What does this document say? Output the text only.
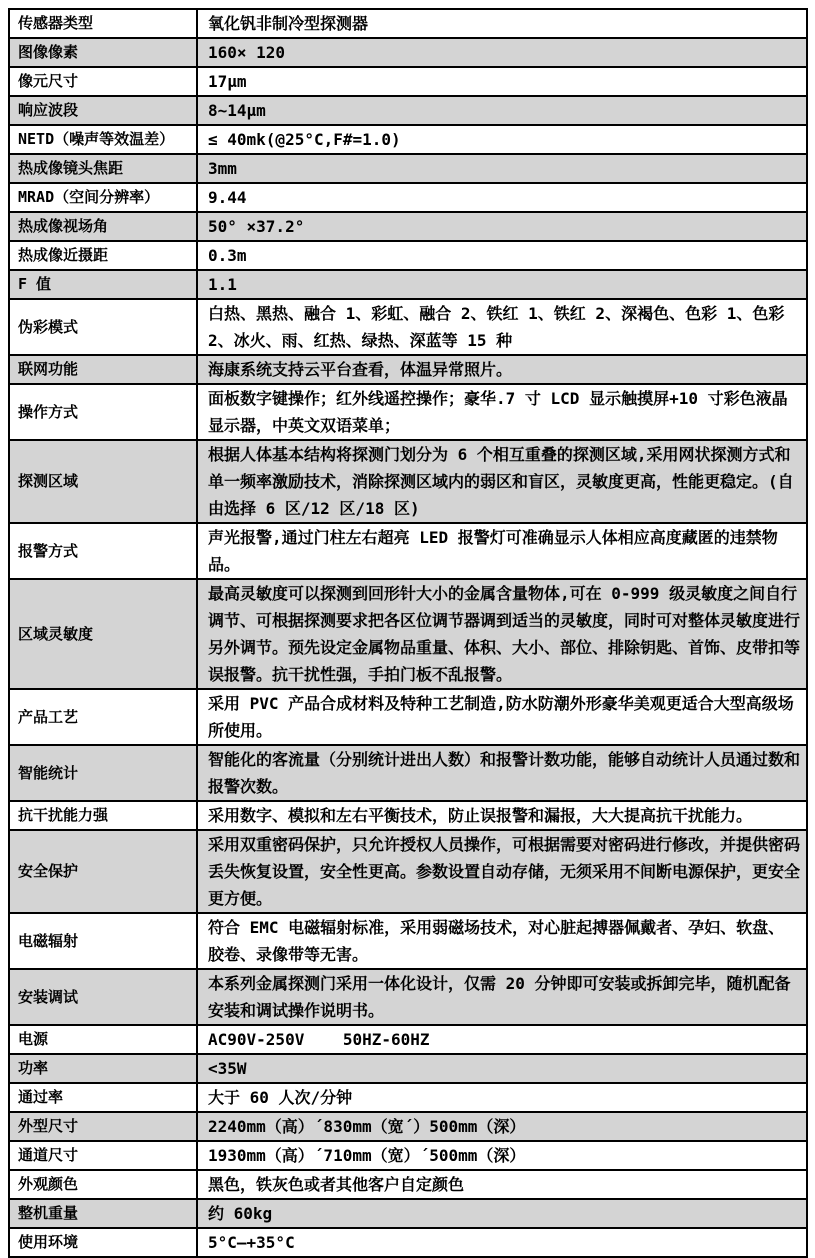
传感器类型	氧化钒非制冷型探测器
图像像素	160× 120
像元尺寸	17μm
响应波段	8~14μm
NETD（噪声等效温差）	≤ 40mk(@25°C,F#=1.0)
热成像镜头焦距	3mm
MRAD（空间分辨率）	9.44
热成像视场角	50° ×37.2°
热成像近摄距	0.3m
F 值	1.1
伪彩模式	白热、黑热、融合 1、彩虹、融合 2、铁红 1、铁红 2、深褐色、色彩 1、色彩 2、冰火、雨、红热、绿热、深蓝等 15 种
联网功能	海康系统支持云平台查看，体温异常照片。
操作方式	面板数字键操作；红外线遥控操作；豪华.7 寸 LCD 显示触摸屏+10 寸彩色液晶显示器，中英文双语菜单；
探测区域	根据人体基本结构将探测门划分为 6 个相互重叠的探测区域,采用网状探测方式和单一频率激励技术，消除探测区域内的弱区和盲区，灵敏度更高，性能更稳定。(自由选择 6 区/12 区/18 区)
报警方式	声光报警,通过门柱左右超亮 LED 报警灯可准确显示人体相应高度藏匿的违禁物品。
区域灵敏度	最高灵敏度可以探测到回形针大小的金属含量物体,可在 0-999 级灵敏度之间自行调节、可根据探测要求把各区位调节器调到适当的灵敏度，同时可对整体灵敏度进行另外调节。预先设定金属物品重量、体积、大小、部位、排除钥匙、首饰、皮带扣等误报警。抗干扰性强，手拍门板不乱报警。
产品工艺	采用 PVC 产品合成材料及特种工艺制造,防水防潮外形豪华美观更适合大型高级场所使用。
智能统计	智能化的客流量（分别统计进出人数）和报警计数功能，能够自动统计人员通过数和报警次数。
抗干扰能力强	采用数字、模拟和左右平衡技术，防止误报警和漏报，大大提高抗干扰能力。
安全保护	采用双重密码保护，只允许授权人员操作，可根据需要对密码进行修改，并提供密码丢失恢复设置，安全性更高。参数设置自动存储，无须采用不间断电源保护，更安全更方便。
电磁辐射	符合 EMC 电磁辐射标准，采用弱磁场技术，对心脏起搏器佩戴者、孕妇、软盘、胶卷、录像带等无害。
安装调试	本系列金属探测门采用一体化设计，仅需 20 分钟即可安装或拆卸完毕，随机配备安装和调试操作说明书。
电源	AC90V-250V    50HZ-60HZ
功率	<35W
通过率	大于 60 人次/分钟
外型尺寸	2240mm（高）´830mm（宽´）500mm（深）
通道尺寸	1930mm（高）´710mm（宽）´500mm（深）
外观颜色	黑色，铁灰色或者其他客户自定颜色
整机重量	约 60kg
使用环境	5°C—+35°C
